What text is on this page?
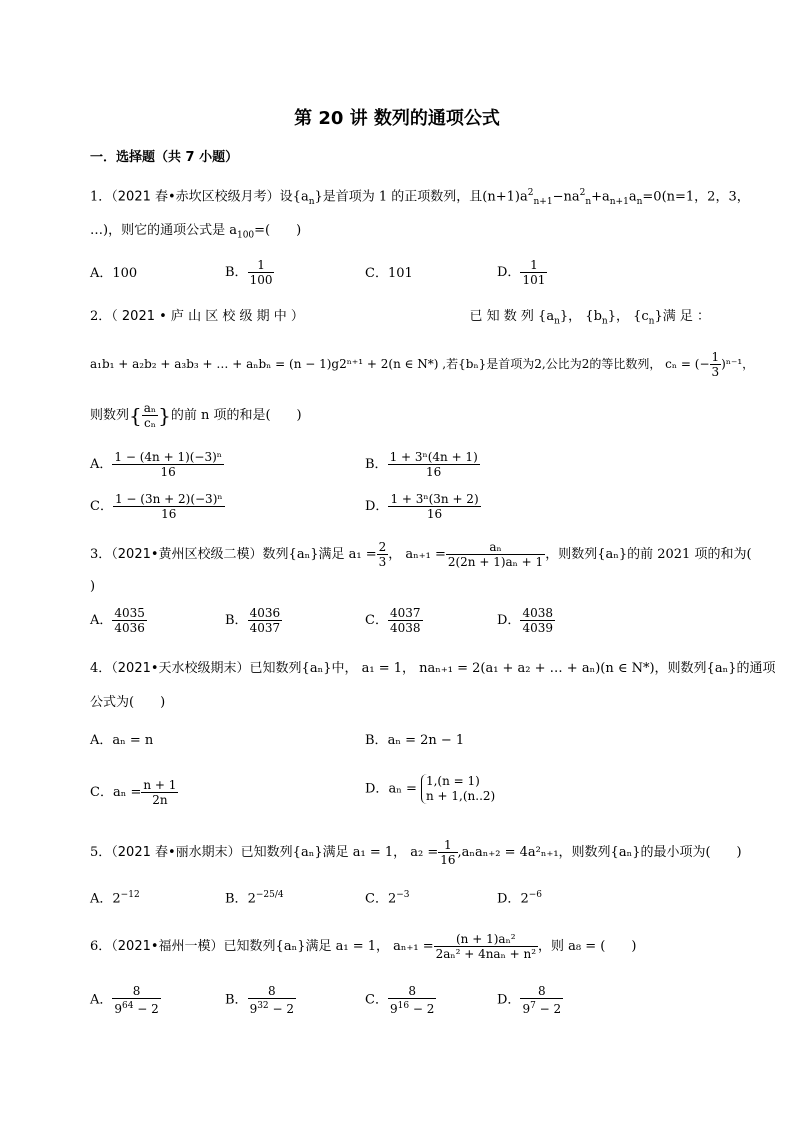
第 20 讲 数列的通项公式
一．选择题（共 7 小题）
1．（2021 春•赤坎区校级月考）设$\{a_n\}$是首项为 1 的正项数列，且$(n+1)a^2_{n+1}-na^2_n+a_{n+1}a_n=0(n=1$，2，3，
…)，则它的通项公式是 $a_{100}=$(　　)
A．100	B． $\frac{1}{100}$	C．101	D． $\frac{1}{101}$
2．（ 2021 • 庐 山 区 校 级 期 中 ）	已 知 数 列 $\{a_n\}$， $\{b_n\}$， $\{c_n\}$满 足 ：
a₁b₁ + a₂b₂ + a₃b₃ + … + aₙbₙ = (n − 1)g2ⁿ⁺¹ + 2(n ∈ N*) ,若{bₙ}是首项为2,公比为2的等比数列， cₙ = (− $\frac{1}{3} )^{n-1}$，
则数列{ $\frac{\text{aₙ}}{\text{cₙ}}$ }的前 n 项的和是(　　)
A． $\frac{\text{1 − (4n + 1)(−3)ⁿ}}{16}$	B． $\frac{\text{1 + 3ⁿ(4n + 1)}}{16}$
C． $\frac{\text{1 − (3n + 2)(−3)ⁿ}}{16}$	D． $\frac{\text{1 + 3ⁿ(3n + 2)}}{16}$
3．（2021•黄州区校级二模）数列{aₙ}满足 $a_1 = \frac{2}{3}$ ， $a_{n+1} = \frac{\text{aₙ}}{\text{2(2n + 1)aₙ + 1}}$ ，则数列{aₙ}的前 2021 项的和为(
)
A． $\frac{4035}{4036}$	B． $\frac{4036}{4037}$	C． $\frac{4037}{4038}$	D． $\frac{4038}{4039}$
4．（2021•天水校级期末）已知数列{aₙ}中， a₁ = 1， naₙ₊₁ = 2(a₁ + a₂ + … + aₙ)(n ∈ N*)，则数列{aₙ}的通项
公式为(　　)
A．aₙ = n	B．aₙ = 2n − 1
C．$a_n = \frac{n + 1}{2n}$	D．aₙ =
1,(n = 1)
n + 1,(n..2)
5．（2021 春•丽水期末）已知数列{aₙ}满足 a₁ = 1， $a_2 = \frac{1}{16} ,a_na_{n+2} = 4a^2_{n+1}$，则数列{aₙ}的最小项为(　　)
A．$2^{-12}$	B．$2^{-25/4}$	C．$2^{-3}$	D．$2^{-6}$
6．（2021•福州一模）已知数列{aₙ}满足 a₁ = 1， $a_{n+1} = \frac{\text{(n + 1)aₙ²}}{\text{2aₙ² + 4naₙ + n²}}$ ，则 a₈ = (　　)
A． $\frac{8}{9^{64} - 2}$	B． $\frac{8}{9^{32} - 2}$	C． $\frac{8}{9^{16} - 2}$	D． $\frac{8}{9^7 - 2}$
